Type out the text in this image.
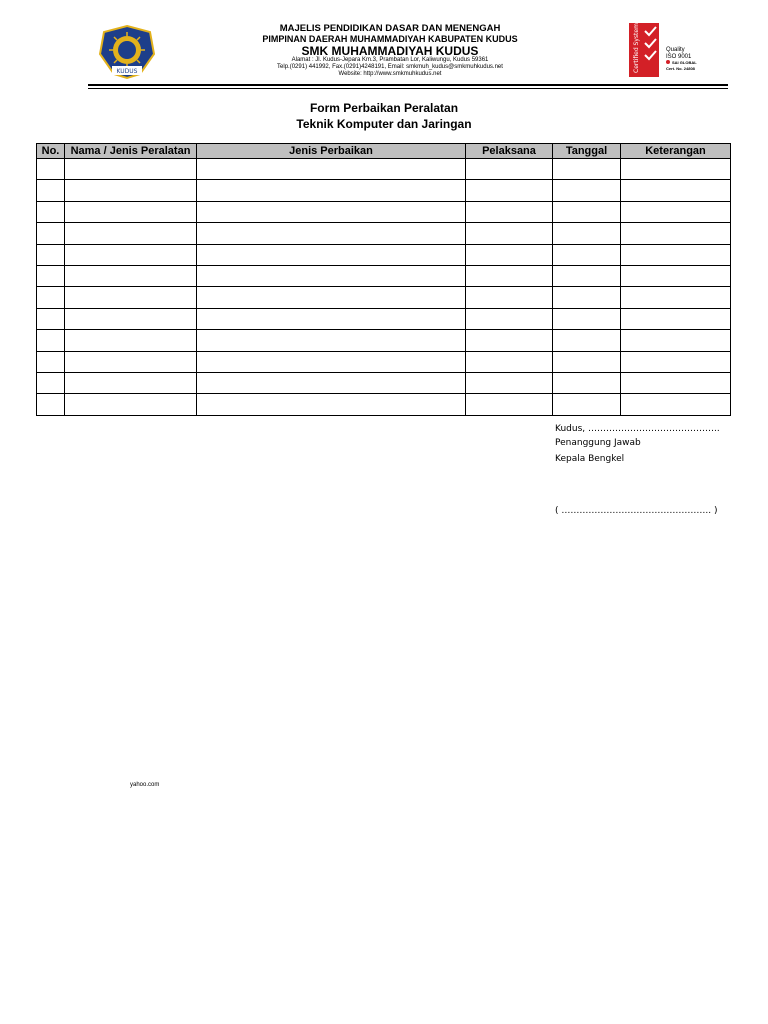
KUDUS
MAJELIS PENDIDIKAN DASAR DAN MENENGAH
PIMPINAN DAERAH MUHAMMADIYAH KABUPATEN KUDUS
SMK MUHAMMADIYAH KUDUS
Alamat : Jl. Kudus-Jepara Km.3, Prambatan Lor, Kaliwungu, Kudus 59361
Telp.(0291) 441992, Fax.(0291)4248191, Email: smkmuh_kudus@smkmuhkudus.net
Website: http://www.smkmuhkudus.net
Certified System	Quality
ISO 9001
SAI GLOBAL
Cert. No. 24808
Form Perbaikan Peralatan
Teknik Komputer dan Jaringan
No.	Nama / Jenis Peralatan	Jenis Perbaikan	Pelaksana	Tanggal	Keterangan

Kudus, ……………………………………..
Penanggung Jawab
Kepala Bengkel
( ………………………………………….. )
yahoo.com
